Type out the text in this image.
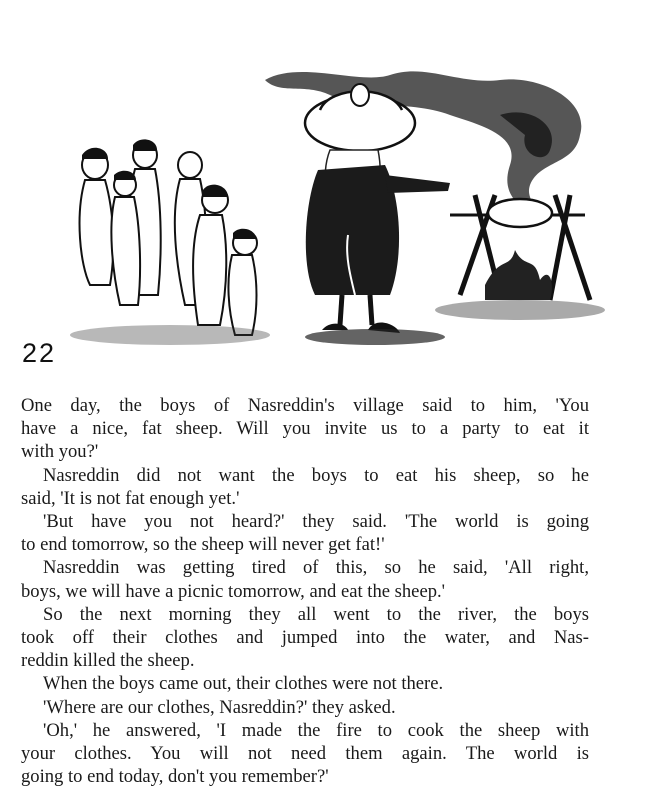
22

One day, the boys of Nasreddin's village said to him, 'You

have a nice, fat sheep. Will you invite us to a party to eat it

with you?'

Nasreddin did not want the boys to eat his sheep, so he

said, 'It is not fat enough yet.'

'But have you not heard?' they said. 'The world is going

to end tomorrow, so the sheep will never get fat!'

Nasreddin was getting tired of this, so he said, 'All right,

boys, we will have a picnic tomorrow, and eat the sheep.'

So the next morning they all went to the river, the boys

took off their clothes and jumped into the water, and Nas-

reddin killed the sheep.

When the boys came out, their clothes were not there.

'Where are our clothes, Nasreddin?' they asked.

'Oh,' he answered, 'I made the fire to cook the sheep with

your clothes. You will not need them again. The world is

going to end today, don't you remember?'
